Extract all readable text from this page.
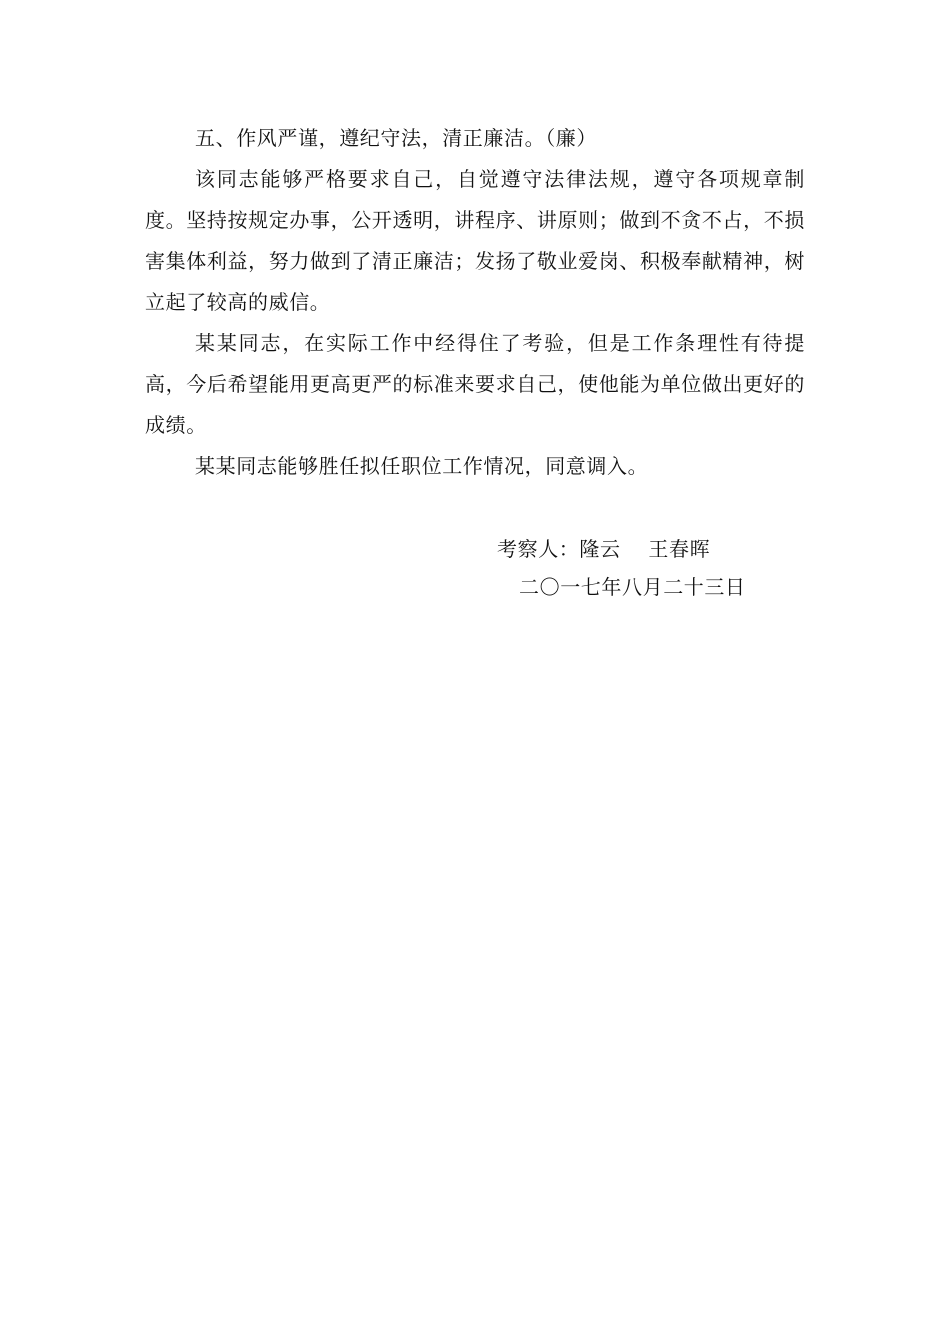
五、作风严谨，遵纪守法，清正廉洁。（廉）

该同志能够严格要求自己，自觉遵守法律法规，遵守各项规章制度。坚持按规定办事，公开透明，讲程序、讲原则；做到不贪不占，不损害集体利益，努力做到了清正廉洁；发扬了敬业爱岗、积极奉献精神，树立起了较高的威信。

某某同志，在实际工作中经得住了考验，但是工作条理性有待提高，今后希望能用更高更严的标准来要求自己，使他能为单位做出更好的成绩。

某某同志能够胜任拟任职位工作情况，同意调入。

考察人：隆云    王春晖
二〇一七年八月二十三日
